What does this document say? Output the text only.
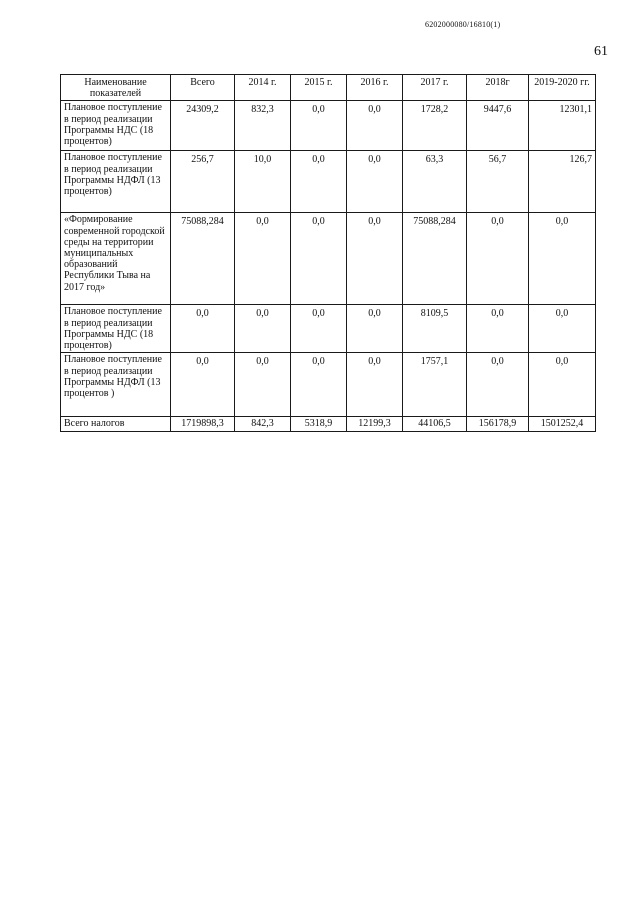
6202000080/16810(1)
61
Наименование показателей	Всего	2014 г.	2015 г.	2016 г.	2017 г.	2018г	2019-2020 гг.
Плановое поступление в период реализации Программы НДС (18 процентов)	24309,2	832,3	0,0	0,0	1728,2	9447,6	12301,1
Плановое поступление в период реализации Программы НДФЛ (13 процентов)	256,7	10,0	0,0	0,0	63,3	56,7	126,7
«Формирование современной городской среды на территории муниципальных образований Республики Тыва на 2017 год»	75088,284	0,0	0,0	0,0	75088,284	0,0	0,0
Плановое поступление в период реализации Программы НДС (18 процентов)	0,0	0,0	0,0	0,0	8109,5	0,0	0,0
Плановое поступление в период реализации Программы НДФЛ (13 процентов )	0,0	0,0	0,0	0,0	1757,1	0,0	0,0
Всего налогов	1719898,3	842,3	5318,9	12199,3	44106,5	156178,9	1501252,4
